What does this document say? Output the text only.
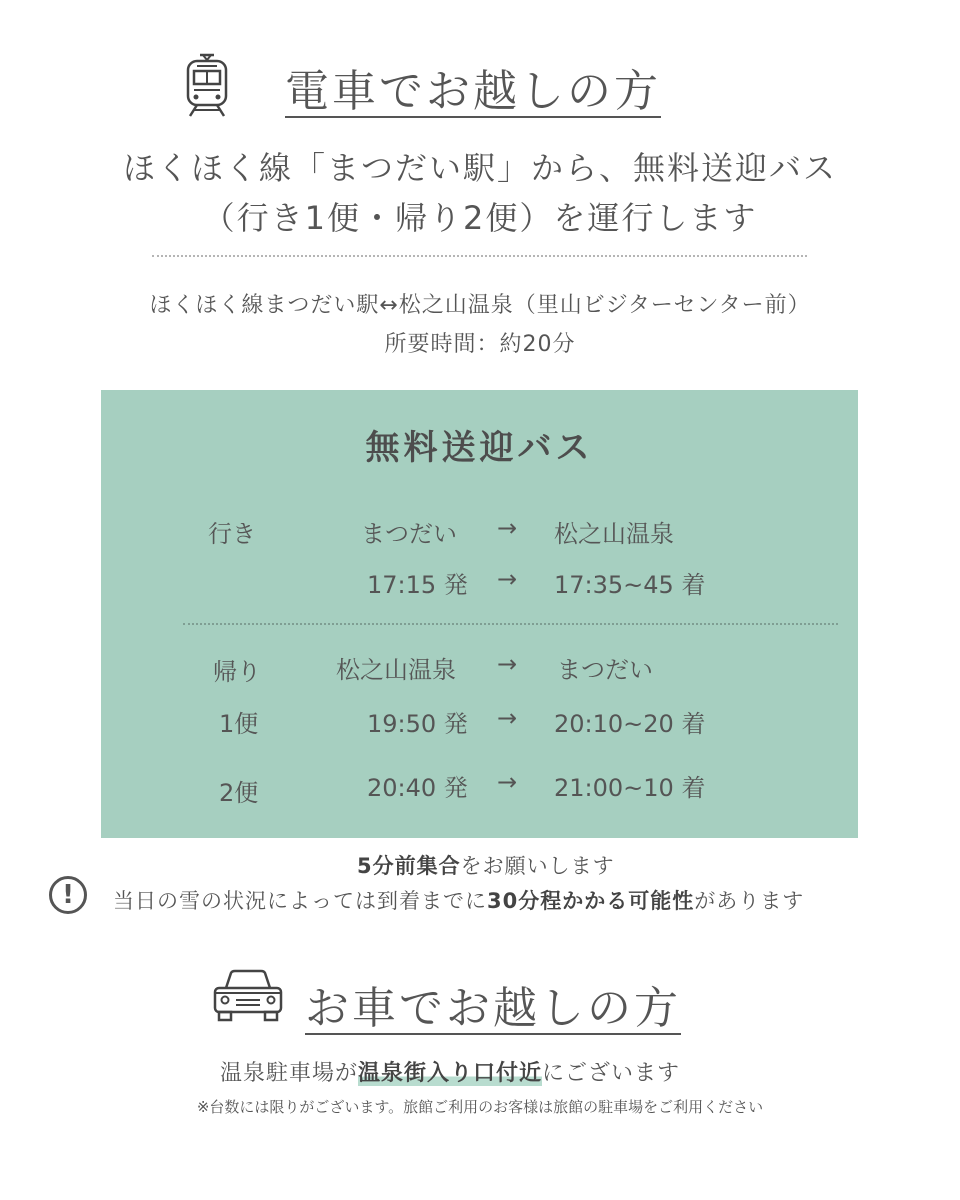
電車でお越しの方
ほくほく線「まつだい駅」から、無料送迎バス
（行き1便・帰り2便）を運行します
ほくほく線まつだい駅↔松之山温泉（里山ビジターセンター前）
所要時間：約20分
無料送迎バス
行き	まつだい → 松之山温泉
17:15 発 → 17:35~45 着
帰り	松之山温泉 → まつだい
1便	19:50 発 → 20:10~20 着
2便	20:40 発 → 21:00~10 着
5分前集合をお願いします
!	当日の雪の状況によっては到着までに30分程かかる可能性があります
お車でお越しの方
温泉駐車場が温泉街入り口付近にございます
※台数には限りがございます。旅館ご利用のお客様は旅館の駐車場をご利用ください
